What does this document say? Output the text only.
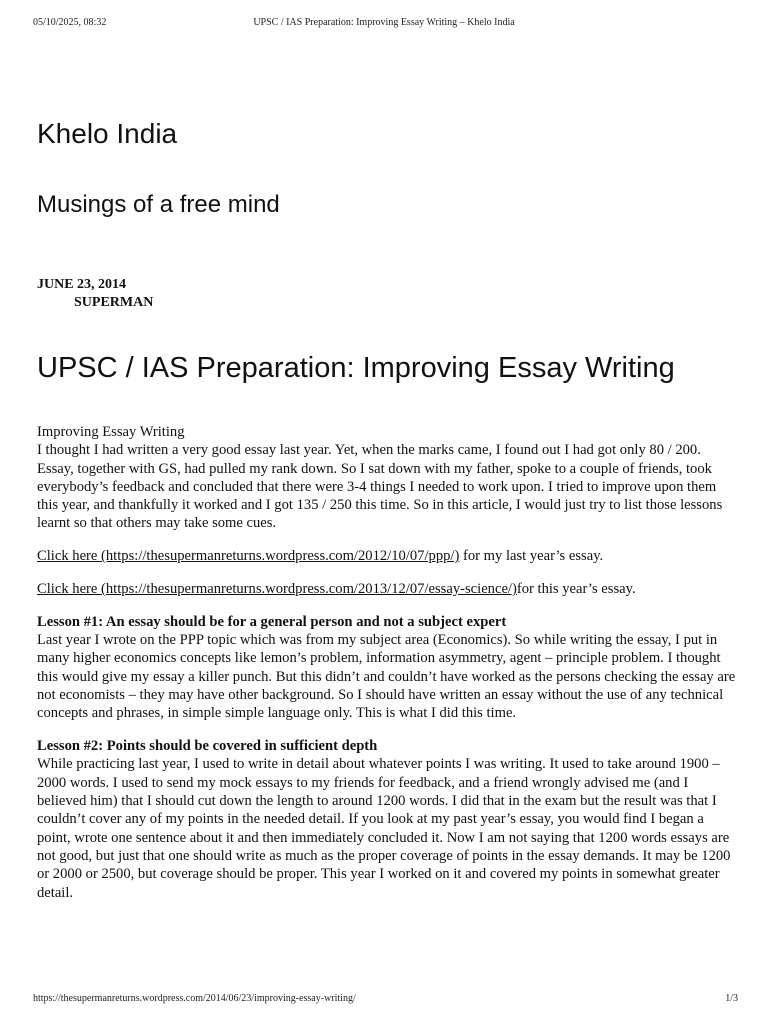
05/10/2025, 08:32	UPSC / IAS Preparation: Improving Essay Writing – Khelo India
Khelo India
Musings of a free mind
JUNE 23, 2014
SUPERMAN
UPSC / IAS Preparation: Improving Essay Writing

Improving Essay Writing
I thought I had written a very good essay last year. Yet, when the marks came, I found out I had got only 80 / 200. Essay, together with GS, had pulled my rank down. So I sat down with my father, spoke to a couple of friends, took everybody’s feedback and concluded that there were 3-4 things I needed to work upon. I tried to improve upon them this year, and thankfully it worked and I got 135 / 250 this time. So in this article, I would just try to list those lessons learnt so that others may take some cues.

Click here (https://thesupermanreturns.wordpress.com/2012/10/07/ppp/) for my last year’s essay.

Click here (https://thesupermanreturns.wordpress.com/2013/12/07/essay-science/)for this year’s essay.

Lesson #1: An essay should be for a general person and not a subject expert
Last year I wrote on the PPP topic which was from my subject area (Economics). So while writing the essay, I put in many higher economics concepts like lemon’s problem, information asymmetry, agent – principle problem. I thought this would give my essay a killer punch. But this didn’t and couldn’t have worked as the persons checking the essay are not economists – they may have other background. So I should have written an essay without the use of any technical concepts and phrases, in simple simple language only. This is what I did this time.

Lesson #2: Points should be covered in sufficient depth
While practicing last year, I used to write in detail about whatever points I was writing. It used to take around 1900 – 2000 words. I used to send my mock essays to my friends for feedback, and a friend wrongly advised me (and I believed him) that I should cut down the length to around 1200 words. I did that in the exam but the result was that I couldn’t cover any of my points in the needed detail. If you look at my past year’s essay, you would find I began a point, wrote one sentence about it and then immediately concluded it. Now I am not saying that 1200 words essays are not good, but just that one should write as much as the proper coverage of points in the essay demands. It may be 1200 or 2000 or 2500, but coverage should be proper. This year I worked on it and covered my points in somewhat greater detail.

https://thesupermanreturns.wordpress.com/2014/06/23/improving-essay-writing/	1/3
